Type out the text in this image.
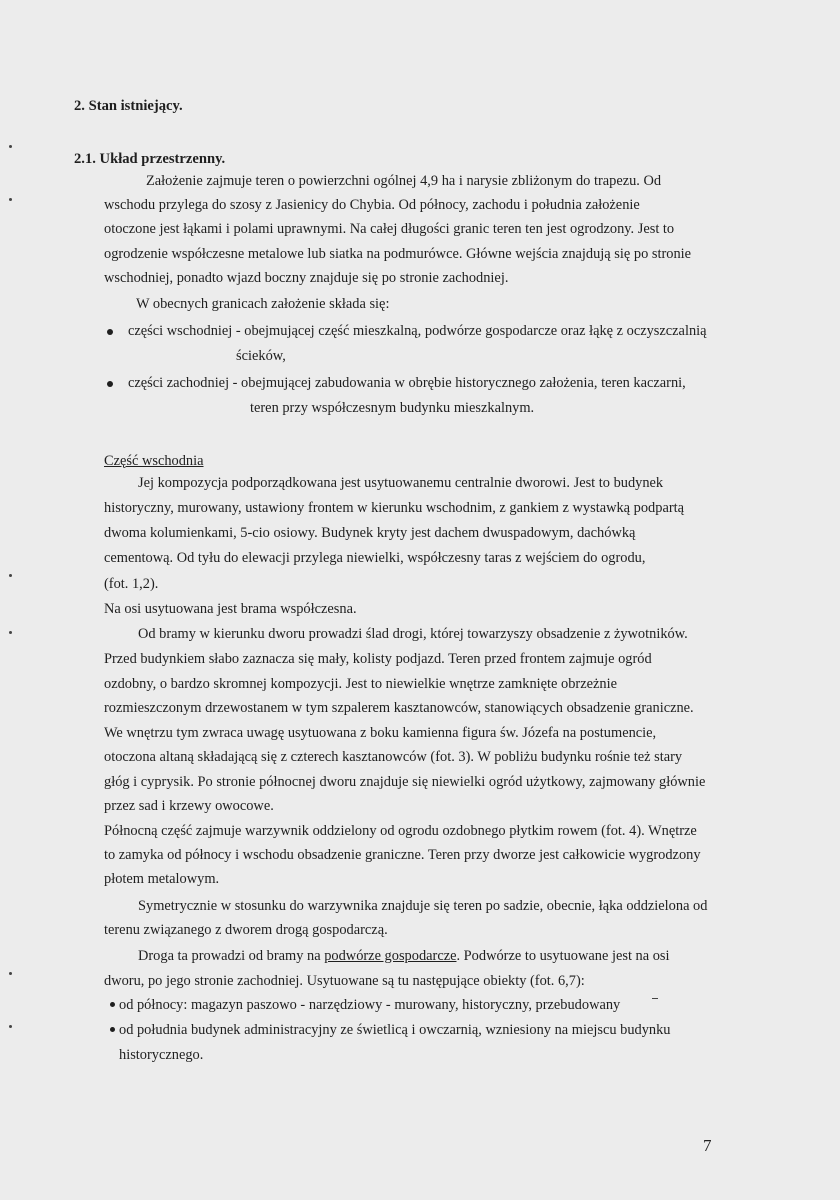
2. Stan istniejący.
2.1. Układ przestrzenny.
Założenie zajmuje teren o powierzchni ogólnej 4,9 ha i narysie zbliżonym do trapezu. Od
wschodu przylega do szosy z Jasienicy do Chybia. Od północy, zachodu i południa założenie
otoczone jest łąkami i polami uprawnymi. Na całej długości granic teren ten jest ogrodzony. Jest to
ogrodzenie współczesne metalowe lub siatka na podmurówce. Główne wejścia znajdują się po stronie
wschodniej, ponadto wjazd boczny znajduje się po stronie zachodniej.
W obecnych granicach założenie składa się:
części wschodniej - obejmującej część mieszkalną, podwórze gospodarcze oraz łąkę z oczyszczalnią
ścieków,
części zachodniej - obejmującej zabudowania w obrębie historycznego założenia, teren kaczarni,
teren przy współczesnym budynku mieszkalnym.
Część wschodnia
Jej kompozycja podporządkowana jest usytuowanemu centralnie dworowi. Jest to budynek
historyczny, murowany, ustawiony frontem w kierunku wschodnim, z gankiem z wystawką podpartą
dwoma kolumienkami, 5-cio osiowy. Budynek kryty jest dachem dwuspadowym, dachówką
cementową. Od tyłu do elewacji przylega niewielki, współczesny taras z wejściem do ogrodu,
(fot. 1,2).
Na osi usytuowana jest brama współczesna.
Od bramy w kierunku dworu prowadzi ślad drogi, której towarzyszy obsadzenie z żywotników.
Przed budynkiem słabo zaznacza się mały, kolisty podjazd. Teren przed frontem zajmuje ogród
ozdobny, o bardzo skromnej kompozycji. Jest to niewielkie wnętrze zamknięte obrzeżnie
rozmieszczonym drzewostanem w tym szpalerem kasztanowców, stanowiących obsadzenie graniczne.
We wnętrzu tym zwraca uwagę usytuowana z boku kamienna figura św. Józefa na postumencie,
otoczona altaną składającą się z czterech kasztanowców (fot. 3). W pobliżu budynku rośnie też stary
głóg i cyprysik. Po stronie północnej dworu znajduje się niewielki ogród użytkowy, zajmowany głównie
przez sad i krzewy owocowe.
Północną część zajmuje warzywnik oddzielony od ogrodu ozdobnego płytkim rowem (fot. 4). Wnętrze
to zamyka od północy i wschodu obsadzenie graniczne. Teren przy dworze jest całkowicie wygrodzony
płotem metalowym.
Symetrycznie w stosunku do warzywnika znajduje się teren po sadzie, obecnie, łąka oddzielona od
terenu związanego z dworem drogą gospodarczą.
Droga ta prowadzi od bramy na podwórze gospodarcze. Podwórze to usytuowane jest na osi
dworu, po jego stronie zachodniej. Usytuowane są tu następujące obiekty (fot. 6,7):
od północy: magazyn paszowo - narzędziowy - murowany, historyczny, przebudowany
od południa budynek administracyjny ze świetlicą i owczarnią, wzniesiony na miejscu budynku
historycznego.
7
